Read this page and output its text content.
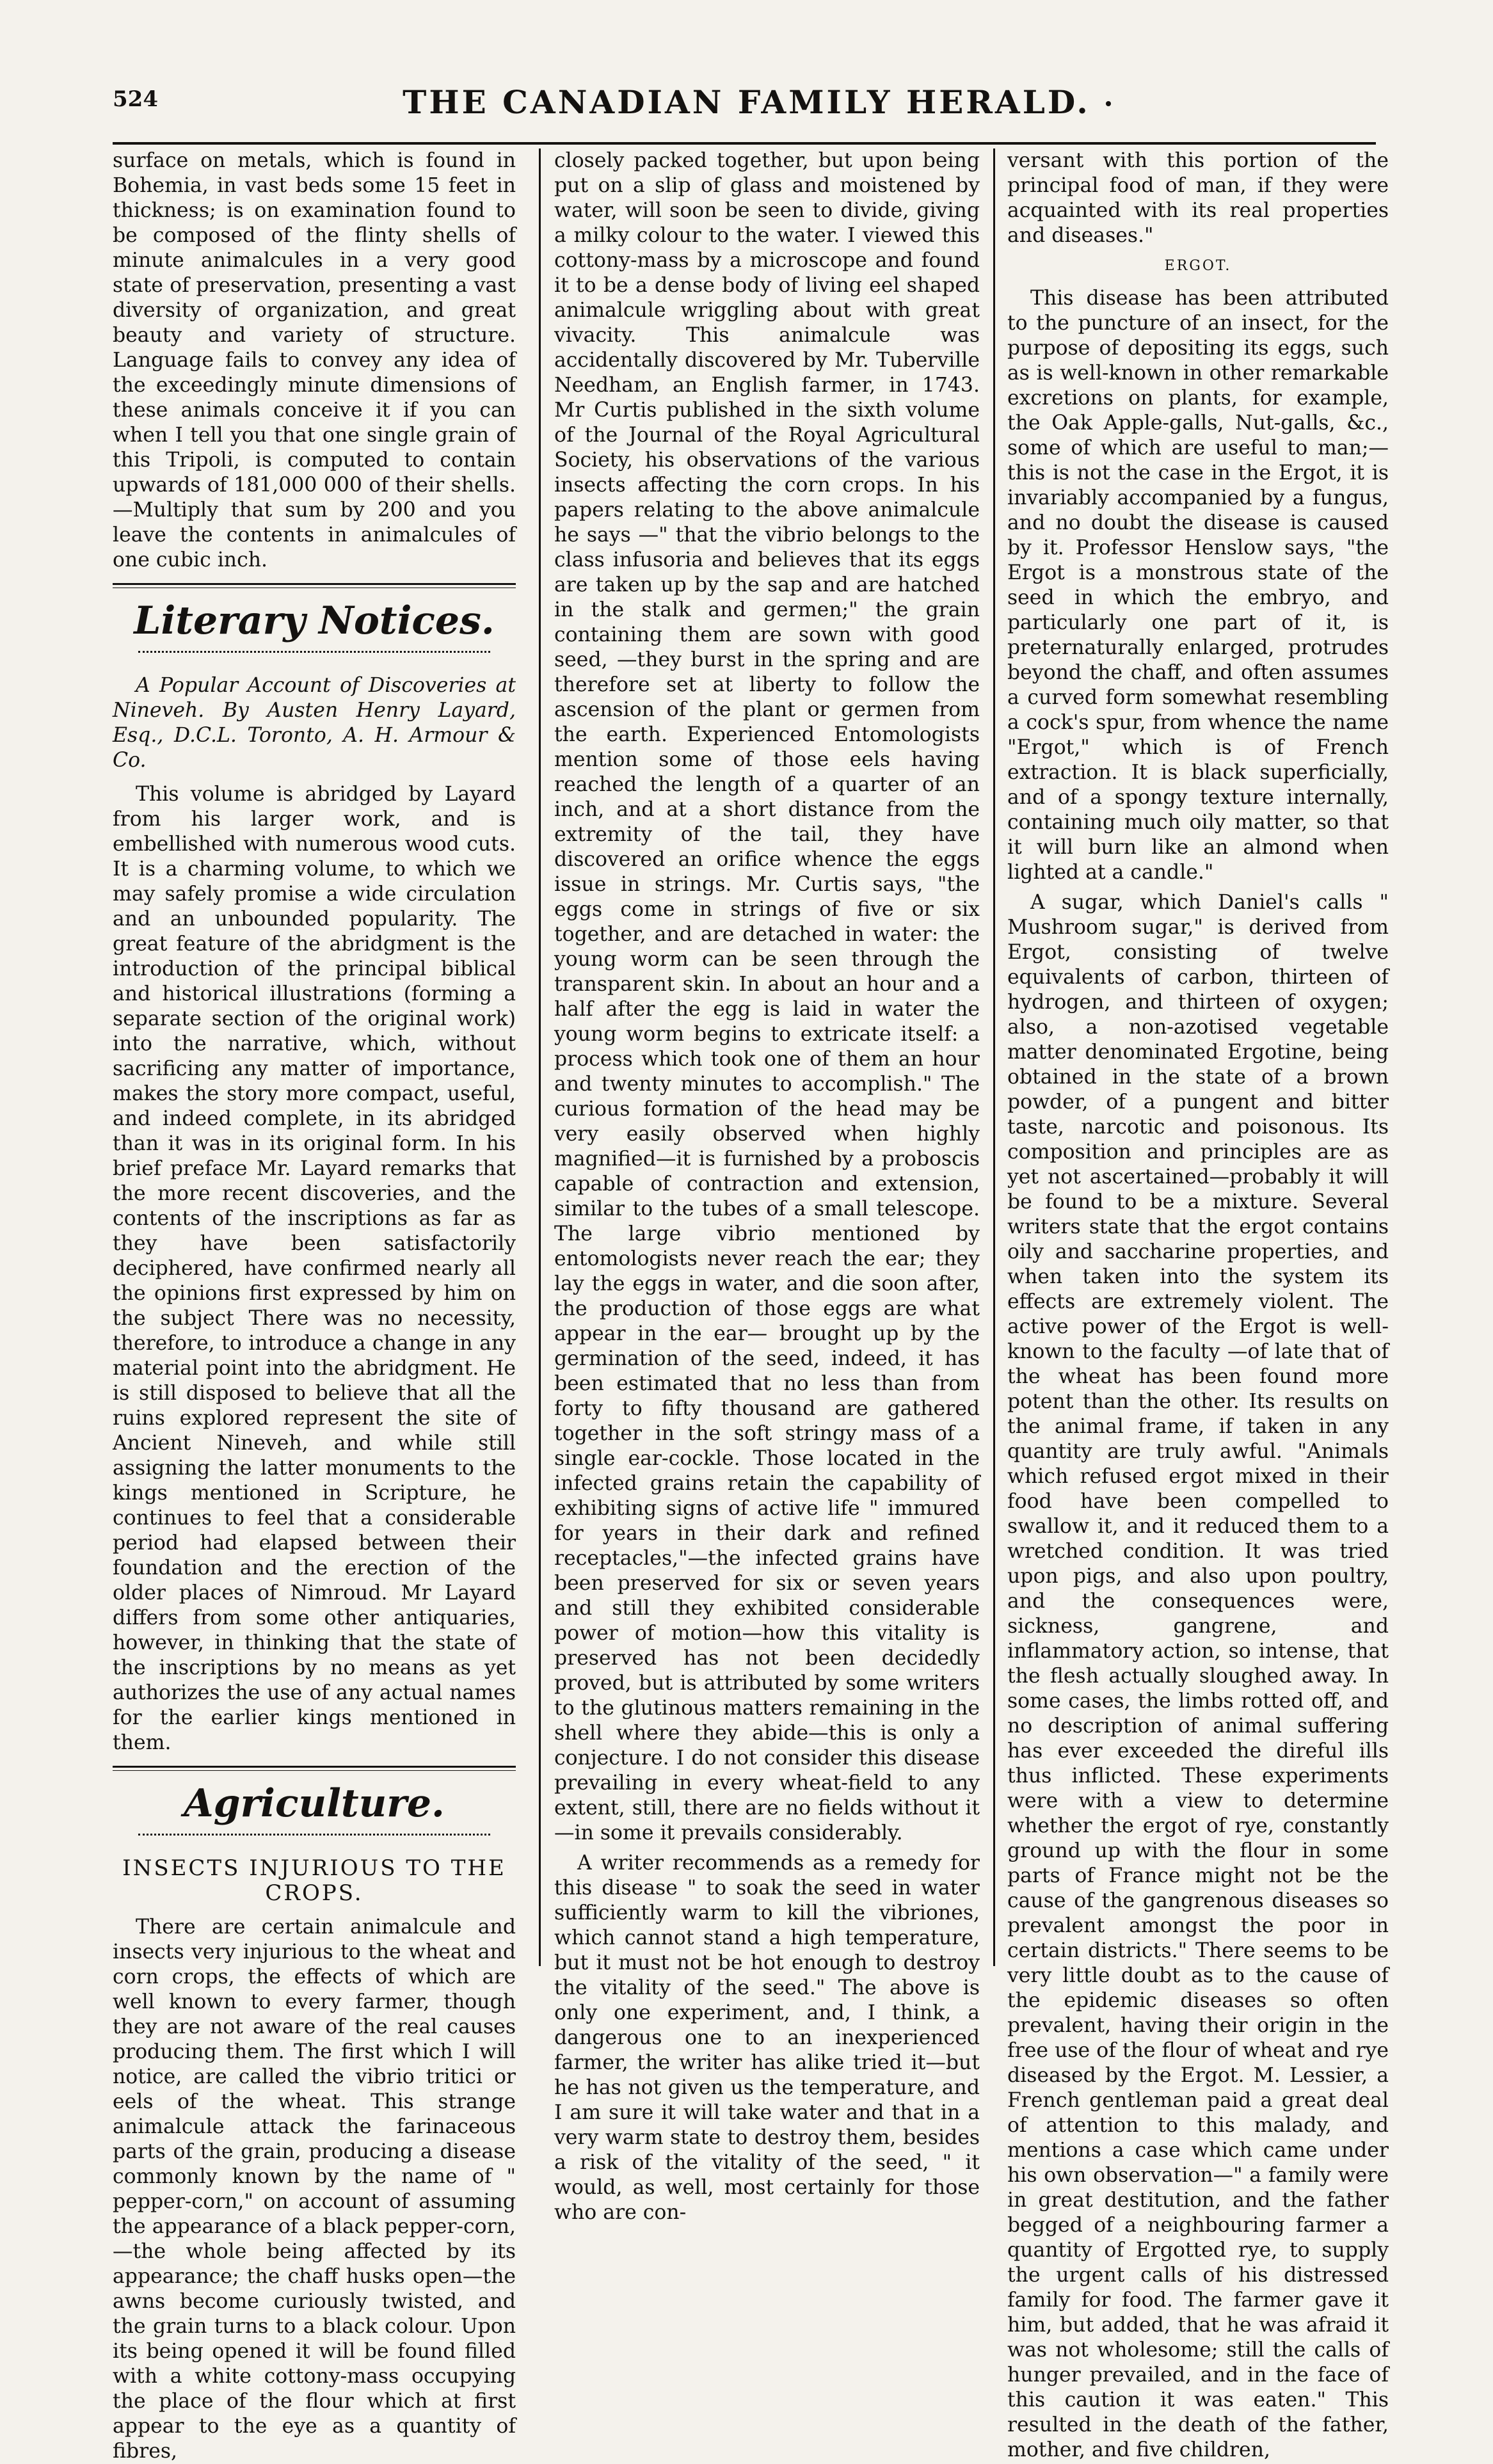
524	THE CANADIAN FAMILY HERALD.

surface on metals, which is found in Bohemia, in vast beds some 15 feet in thickness; is on examination found to be composed of the flinty shells of minute animalcules in a very good state of preservation, presenting a vast diversity of organization, and great beauty and variety of structure. Language fails to convey any idea of the exceedingly minute dimensions of these animals conceive it if you can when I tell you that one single grain of this Tripoli, is computed to contain upwards of 181,000 000 of their shells.—Multiply that sum by 200 and you leave the contents in animalcules of one cubic inch.

Literary Notices.

A Popular Account of Discoveries at Nineveh. By Austen Henry Layard, Esq., D.C.L. Toronto, A. H. Armour & Co.

This volume is abridged by Layard from his larger work, and is embellished with numerous wood cuts. It is a charming volume, to which we may safely promise a wide circulation and an unbounded popularity. The great feature of the abridgment is the introduction of the principal biblical and historical illustrations (forming a separate section of the original work) into the narrative, which, without sacrificing any matter of importance, makes the story more compact, useful, and indeed complete, in its abridged than it was in its original form. In his brief preface Mr. Layard remarks that the more recent discoveries, and the contents of the inscriptions as far as they have been satisfactorily deciphered, have confirmed nearly all the opinions first expressed by him on the subject There was no necessity, therefore, to introduce a change in any material point into the abridgment. He is still disposed to believe that all the ruins explored represent the site of Ancient Nineveh, and while still assigning the latter monuments to the kings mentioned in Scripture, he continues to feel that a considerable period had elapsed between their foundation and the erection of the older places of Nimroud. Mr Layard differs from some other antiquaries, however, in thinking that the state of the inscriptions by no means as yet authorizes the use of any actual names for the earlier kings mentioned in them.

Agriculture.
INSECTS INJURIOUS TO THE CROPS.

There are certain animalcule and insects very injurious to the wheat and corn crops, the effects of which are well known to every farmer, though they are not aware of the real causes producing them. The first which I will notice, are called the vibrio tritici or eels of the wheat. This strange animalcule attack the farinaceous parts of the grain, producing a disease commonly known by the name of " pepper-corn," on account of assuming the appearance of a black pepper-corn,—the whole being affected by its appearance; the chaff husks open—the awns become curiously twisted, and the grain turns to a black colour. Upon its being opened it will be found filled with a white cottony-mass occupying the place of the flour which at first appear to the eye as a quantity of fibres,

closely packed together, but upon being put on a slip of glass and moistened by water, will soon be seen to divide, giving a milky colour to the water. I viewed this cottony-mass by a microscope and found it to be a dense body of living eel shaped animalcule wriggling about with great vivacity. This animalcule was accidentally discovered by Mr. Tuberville Needham, an English farmer, in 1743. Mr Curtis published in the sixth volume of the Journal of the Royal Agricultural Society, his observations of the various insects affecting the corn crops. In his papers relating to the above animalcule he says —" that the vibrio belongs to the class infusoria and believes that its eggs are taken up by the sap and are hatched in the stalk and germen;" the grain containing them are sown with good seed, —they burst in the spring and are therefore set at liberty to follow the ascension of the plant or germen from the earth. Experienced Entomologists mention some of those eels having reached the length of a quarter of an inch, and at a short distance from the extremity of the tail, they have discovered an orifice whence the eggs issue in strings. Mr. Curtis says, "the eggs come in strings of five or six together, and are detached in water: the young worm can be seen through the transparent skin. In about an hour and a half after the egg is laid in water the young worm begins to extricate itself: a process which took one of them an hour and twenty minutes to accomplish." The curious formation of the head may be very easily observed when highly magnified—it is furnished by a proboscis capable of contraction and extension, similar to the tubes of a small telescope. The large vibrio mentioned by entomologists never reach the ear; they lay the eggs in water, and die soon after, the production of those eggs are what appear in the ear— brought up by the germination of the seed, indeed, it has been estimated that no less than from forty to fifty thousand are gathered together in the soft stringy mass of a single ear-cockle. Those located in the infected grains retain the capability of exhibiting signs of active life " immured for years in their dark and refined receptacles,"—the infected grains have been preserved for six or seven years and still they exhibited considerable power of motion—how this vitality is preserved has not been decidedly proved, but is attributed by some writers to the glutinous matters remaining in the shell where they abide—this is only a conjecture. I do not consider this disease prevailing in every wheat-field to any extent, still, there are no fields without it—in some it prevails considerably.

A writer recommends as a remedy for this disease " to soak the seed in water sufficiently warm to kill the vibriones, which cannot stand a high temperature, but it must not be hot enough to destroy the vitality of the seed." The above is only one experiment, and, I think, a dangerous one to an inexperienced farmer, the writer has alike tried it—but he has not given us the temperature, and I am sure it will take water and that in a very warm state to destroy them, besides a risk of the vitality of the seed, " it would, as well, most certainly for those who are con-

versant with this portion of the principal food of man, if they were acquainted with its real properties and diseases."

ERGOT.

This disease has been attributed to the puncture of an insect, for the purpose of depositing its eggs, such as is well-known in other remarkable excretions on plants, for example, the Oak Apple-galls, Nut-galls, &c., some of which are useful to man;—this is not the case in the Ergot, it is invariably accompanied by a fungus, and no doubt the disease is caused by it. Professor Henslow says, "the Ergot is a monstrous state of the seed in which the embryo, and particularly one part of it, is preternaturally enlarged, protrudes beyond the chaff, and often assumes a curved form somewhat resembling a cock's spur, from whence the name "Ergot," which is of French extraction. It is black superficially, and of a spongy texture internally, containing much oily matter, so that it will burn like an almond when lighted at a candle."

A sugar, which Daniel's calls " Mushroom sugar," is derived from Ergot, consisting of twelve equivalents of carbon, thirteen of hydrogen, and thirteen of oxygen; also, a non-azotised vegetable matter denominated Ergotine, being obtained in the state of a brown powder, of a pungent and bitter taste, narcotic and poisonous. Its composition and principles are as yet not ascertained—probably it will be found to be a mixture. Several writers state that the ergot contains oily and saccharine properties, and when taken into the system its effects are extremely violent. The active power of the Ergot is well-known to the faculty —of late that of the wheat has been found more potent than the other. Its results on the animal frame, if taken in any quantity are truly awful. "Animals which refused ergot mixed in their food have been compelled to swallow it, and it reduced them to a wretched condition. It was tried upon pigs, and also upon poultry, and the consequences were, sickness, gangrene, and inflammatory action, so intense, that the flesh actually sloughed away. In some cases, the limbs rotted off, and no description of animal suffering has ever exceeded the direful ills thus inflicted. These experiments were with a view to determine whether the ergot of rye, constantly ground up with the flour in some parts of France might not be the cause of the gangrenous diseases so prevalent amongst the poor in certain districts." There seems to be very little doubt as to the cause of the epidemic diseases so often prevalent, having their origin in the free use of the flour of wheat and rye diseased by the Ergot. M. Lessier, a French gentleman paid a great deal of attention to this malady, and mentions a case which came under his own observation—" a family were in great destitution, and the father begged of a neighbouring farmer a quantity of Ergotted rye, to supply the urgent calls of his distressed family for food. The farmer gave it him, but added, that he was afraid it was not wholesome; still the calls of hunger prevailed, and in the face of this caution it was eaten." This resulted in the death of the father, mother, and five children,
